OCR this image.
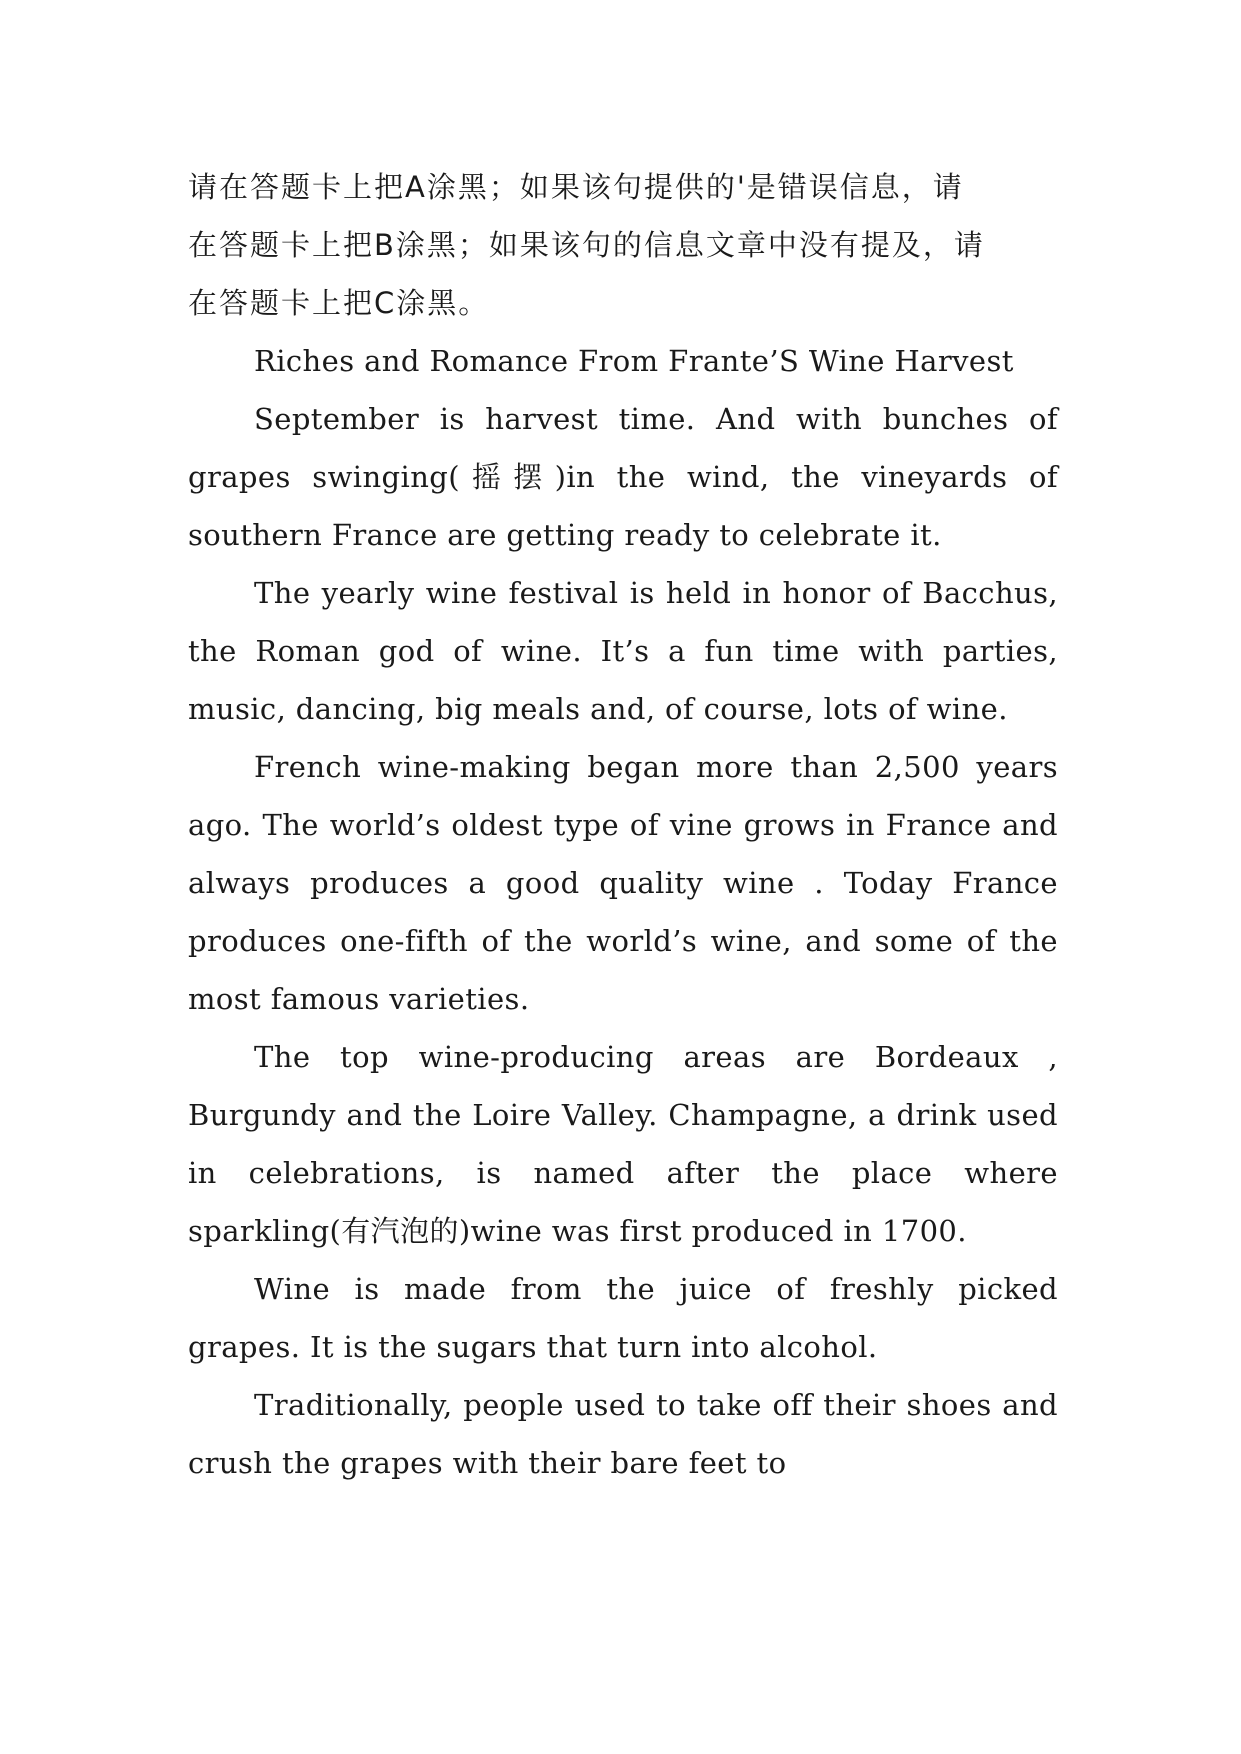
请在答题卡上把A涂黑；如果该句提供的'是错误信息，请
在答题卡上把B涂黑；如果该句的信息文章中没有提及，请
在答题卡上把C涂黑。

Riches and Romance From Frante’S Wine Harvest

September is harvest time. And with bunches of grapes swinging(摇摆)in the wind, the vineyards of southern France are getting ready to celebrate it.

The yearly wine festival is held in honor of Bacchus, the Roman god of wine. It’s a fun time with parties, music, dancing, big meals and, of course, lots of wine.

French wine-making began more than 2,500 years ago. The world’s oldest type of vine grows in France and always produces a good quality wine . Today France produces one-fifth of the world’s wine, and some of the most famous varieties.

The top wine-producing areas are Bordeaux , Burgundy and the Loire Valley. Champagne, a drink used in celebrations, is named after the place where sparkling(有汽泡的)wine was first produced in 1700.

Wine is made from the juice of freshly picked grapes. It is the sugars that turn into alcohol.

Traditionally, people used to take off their shoes and crush the grapes with their bare feet to
